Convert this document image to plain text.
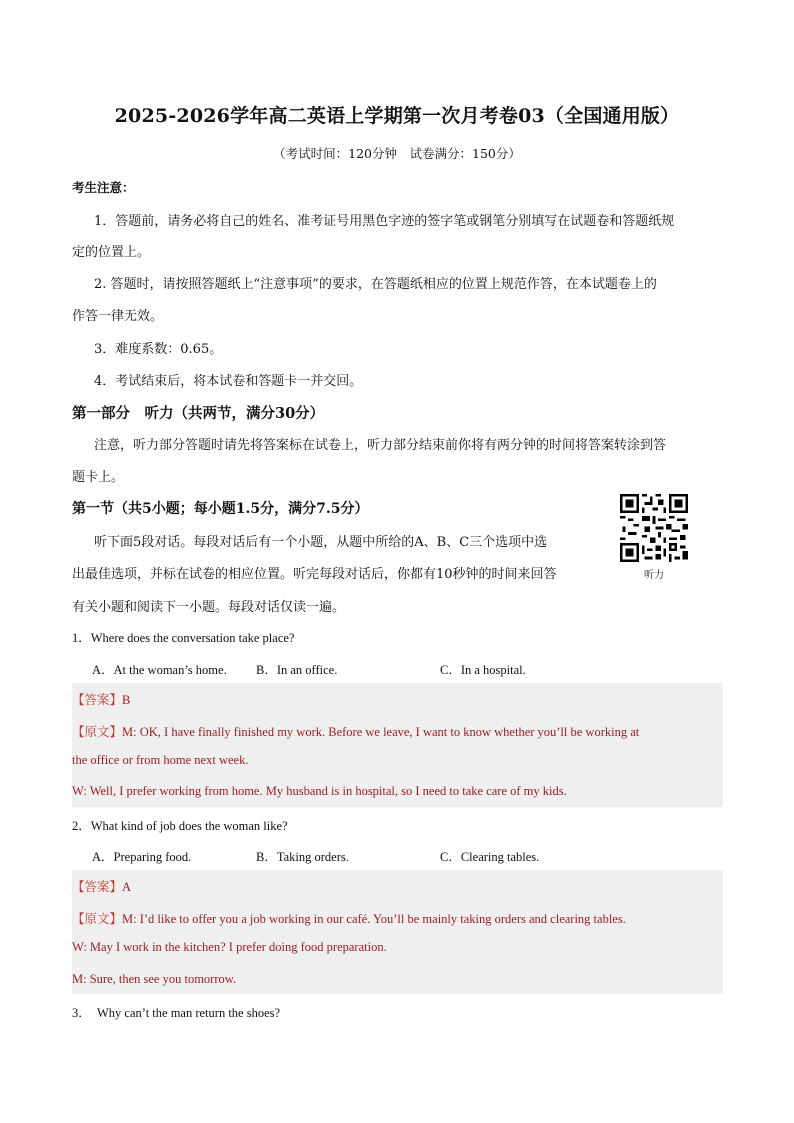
2025-2026学年高二英语上学期第一次月考卷03（全国通用版）
（考试时间：120分钟　试卷满分：150分）
考生注意：
1．答题前，请务必将自己的姓名、准考证号用黑色字迹的签字笔或钢笔分别填写在试题卷和答题纸规
定的位置上。
2. 答题时，请按照答题纸上“注意事项”的要求，在答题纸相应的位置上规范作答，在本试题卷上的
作答一律无效。
3．难度系数：0.65。
4．考试结束后，将本试卷和答题卡一并交回。
第一部分　听力（共两节，满分30分）
注意，听力部分答题时请先将答案标在试卷上，听力部分结束前你将有两分钟的时间将答案转涂到答
题卡上。
第一节（共5小题；每小题1.5分，满分7.5分）
听下面5段对话。每段对话后有一个小题，从题中所给的A、B、C三个选项中选
出最佳选项，并标在试卷的相应位置。听完每段对话后，你都有10秒钟的时间来回答
有关小题和阅读下一小题。每段对话仅读一遍。
听力
1．Where does the conversation take place?
A．At the woman’s home. B．In an office.	C．In a hospital.
【答案】B
【原文】M: OK, I have finally finished my work. Before we leave, I want to know whether you’ll be working at
the office or from home next week.
W: Well, I prefer working from home. My husband is in hospital, so I need to take care of my kids.
2．What kind of job does the woman like?
A．Preparing food.	B．Taking orders.	C．Clearing tables.
【答案】A
【原文】M: I’d like to offer you a job working in our café. You’ll be mainly taking orders and clearing tables.
W: May I work in the kitchen? I prefer doing food preparation.
M: Sure, then see you tomorrow.
3．　Why can’t the man return the shoes?
